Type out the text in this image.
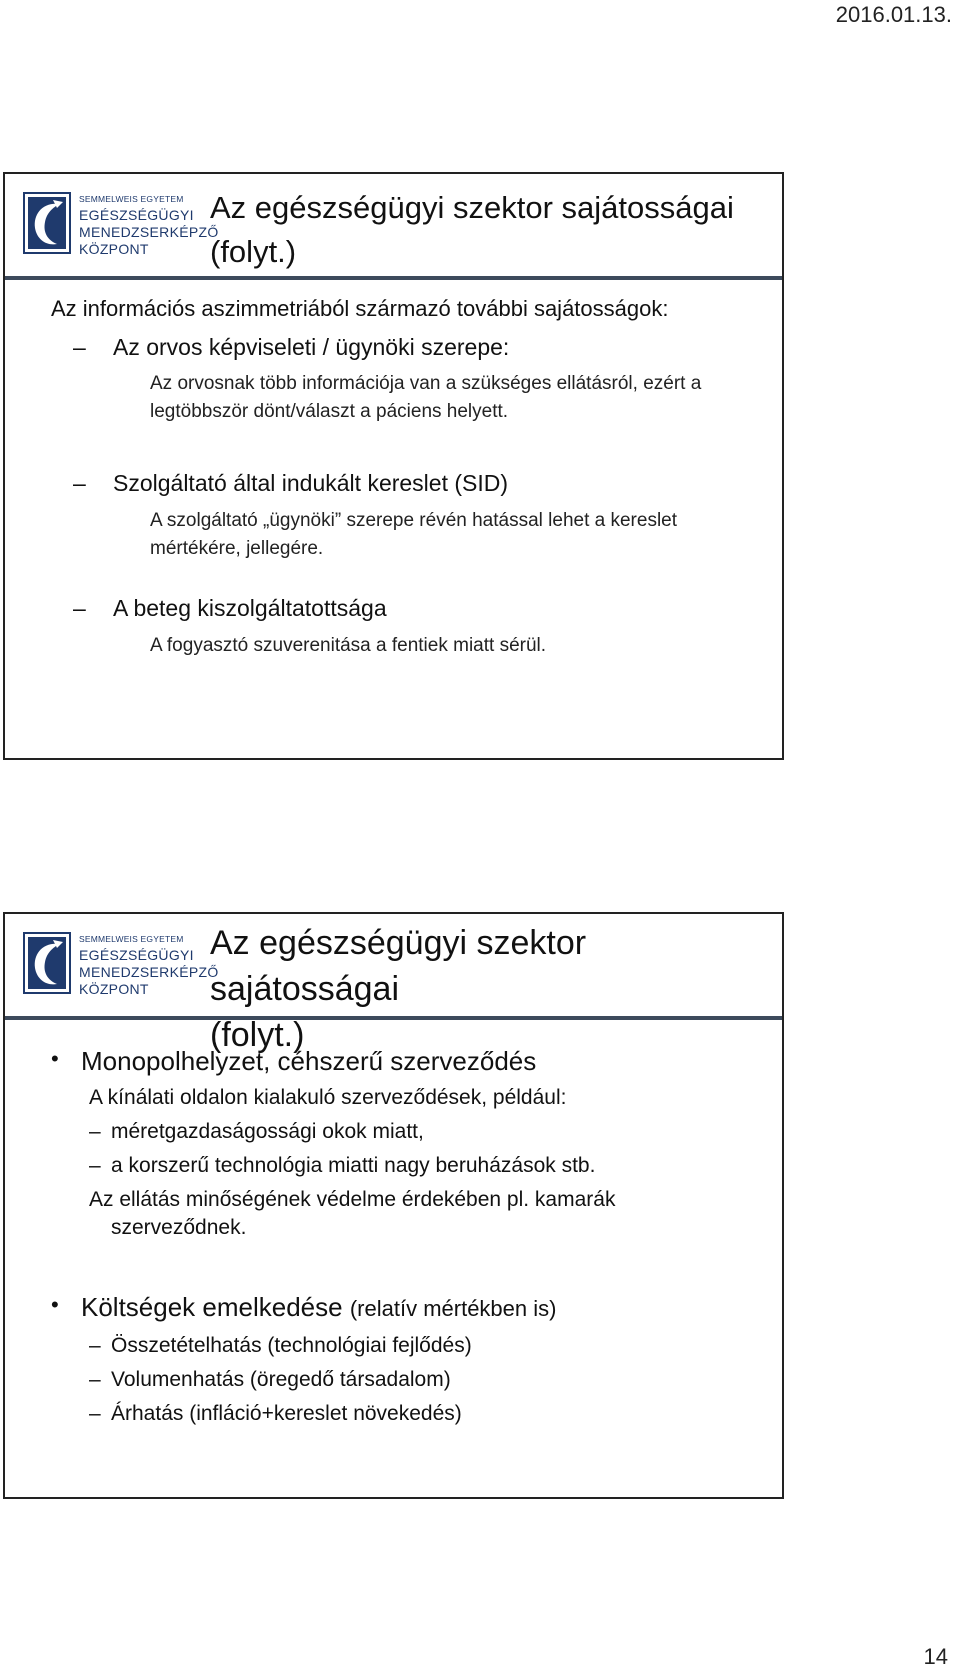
2016.01.13.
SEMMELWEIS EGYETEM
EGÉSZSÉGÜGYI
MENEDZSERKÉPZŐ
KÖZPONT
Az egészségügyi szektor sajátosságai
(folyt.)
Az információs aszimmetriából származó további sajátosságok:
–	Az orvos képviseleti / ügynöki szerepe:
Az orvosnak több információja van a szükséges ellátásról, ezért a
legtöbbször dönt/választ a páciens helyett.
–	Szolgáltató által indukált kereslet (SID)
A szolgáltató „ügynöki” szerepe révén hatással lehet a kereslet
mértékére, jellegére.
–	A beteg kiszolgáltatottsága
A fogyasztó szuverenitása a fentiek miatt sérül.
SEMMELWEIS EGYETEM
EGÉSZSÉGÜGYI
MENEDZSERKÉPZŐ
KÖZPONT
Az egészségügyi szektor sajátosságai
(folyt.)
• Monopolhelyzet, céhszerű szerveződés
A kínálati oldalon kialakuló szerveződések, például:
– méretgazdaságossági okok miatt,
– a korszerű technológia miatti nagy beruházások stb.
Az ellátás minőségének védelme érdekében pl. kamarák
szerveződnek.
• Költségek emelkedése (relatív mértékben is)
– Összetételhatás (technológiai fejlődés)
– Volumenhatás (öregedő társadalom)
– Árhatás (infláció+kereslet növekedés)
14
